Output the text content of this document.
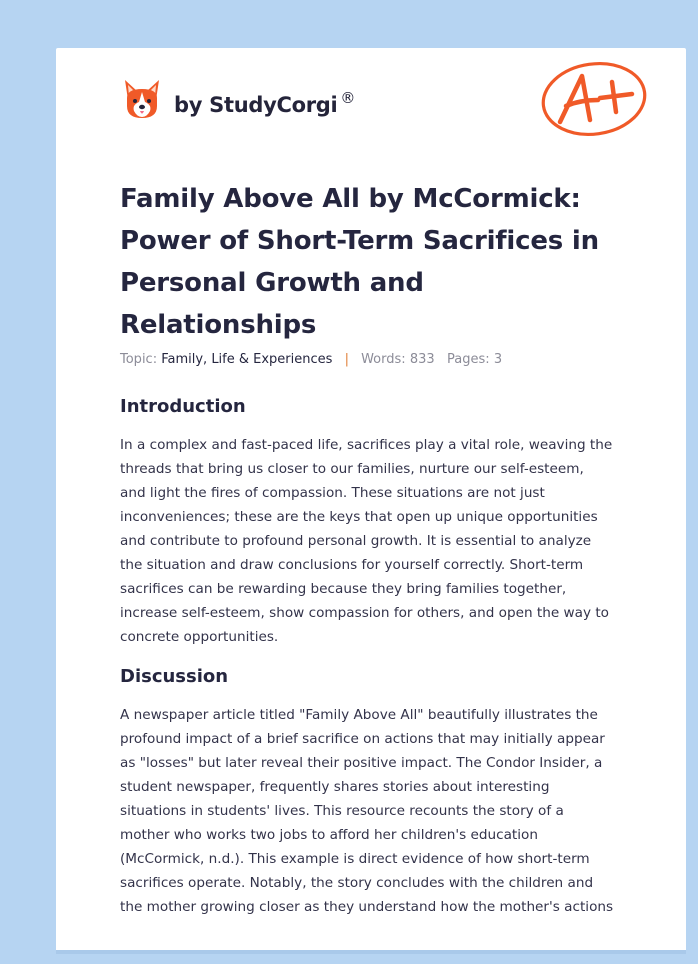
by StudyCorgi ®
Family Above All by McCormick:
Power of Short-Term Sacrifices in
Personal Growth and
Relationships
Topic: Family, Life & Experiences | Words: 833 Pages: 3
Introduction

In a complex and fast-paced life, sacrifices play a vital role, weaving the
threads that bring us closer to our families, nurture our self-esteem,
and light the fires of compassion. These situations are not just
inconveniences; these are the keys that open up unique opportunities
and contribute to profound personal growth. It is essential to analyze
the situation and draw conclusions for yourself correctly. Short-term
sacrifices can be rewarding because they bring families together,
increase self-esteem, show compassion for others, and open the way to
concrete opportunities.

Discussion

A newspaper article titled "Family Above All" beautifully illustrates the
profound impact of a brief sacrifice on actions that may initially appear
as "losses" but later reveal their positive impact. The Condor Insider, a
student newspaper, frequently shares stories about interesting
situations in students' lives. This resource recounts the story of a
mother who works two jobs to afford her children's education
(McCormick, n.d.). This example is direct evidence of how short-term
sacrifices operate. Notably, the story concludes with the children and
the mother growing closer as they understand how the mother's actions
